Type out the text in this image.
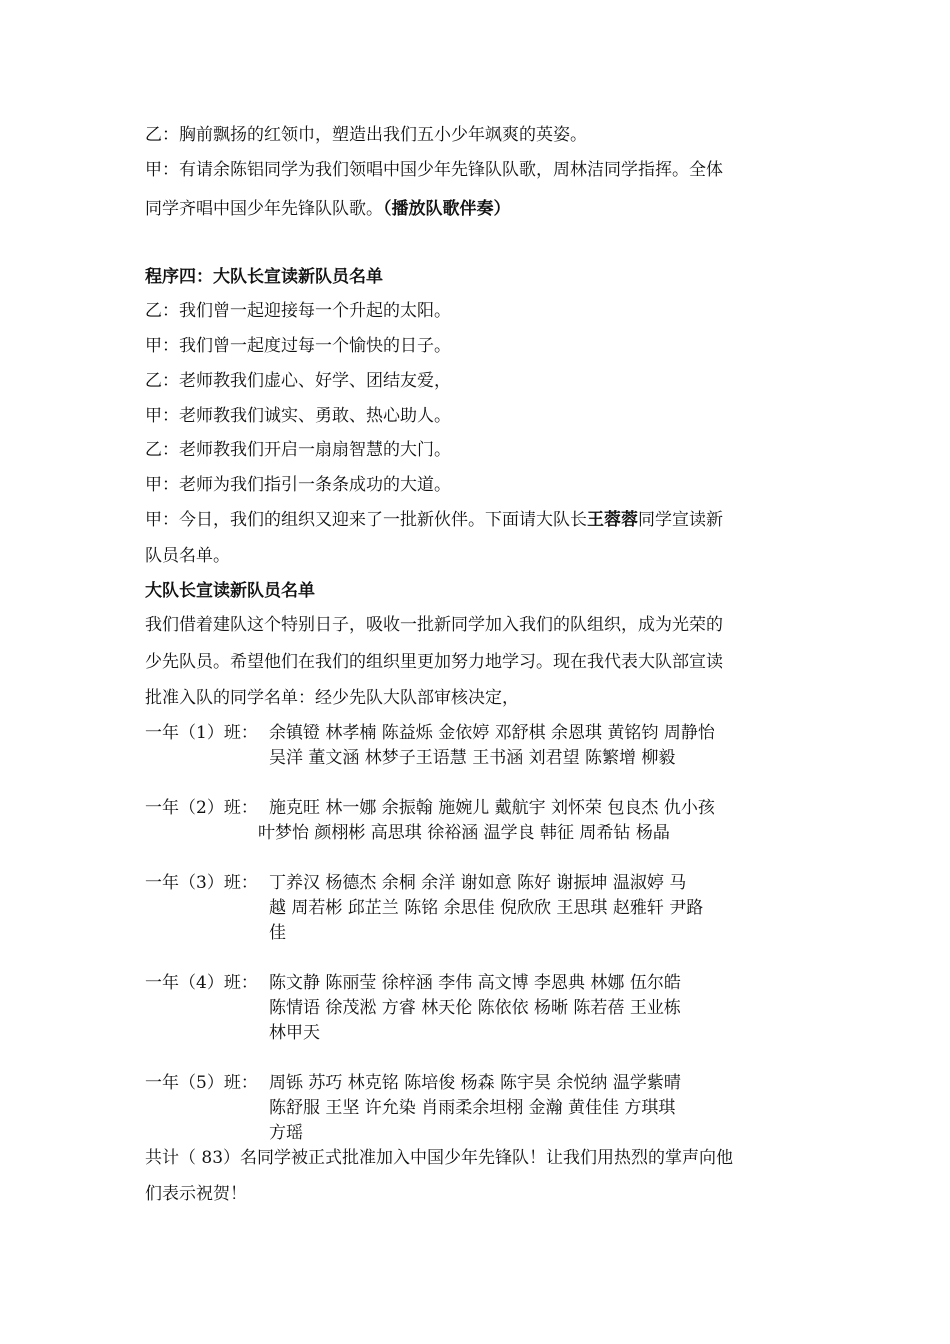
乙：胸前飘扬的红领巾，塑造出我们五小少年飒爽的英姿。
甲：有请余陈铝同学为我们领唱中国少年先锋队队歌，周林洁同学指挥。全体
同学齐唱中国少年先锋队队歌。（播放队歌伴奏）
程序四：大队长宣读新队员名单
乙：我们曾一起迎接每一个升起的太阳。
甲：我们曾一起度过每一个愉快的日子。
乙：老师教我们虚心、好学、团结友爱，
甲：老师教我们诚实、勇敢、热心助人。
乙：老师教我们开启一扇扇智慧的大门。
甲：老师为我们指引一条条成功的大道。
甲：今日，我们的组织又迎来了一批新伙伴。下面请大队长王蓉蓉同学宣读新
队员名单。
大队长宣读新队员名单
我们借着建队这个特别日子，吸收一批新同学加入我们的队组织，成为光荣的
少先队员。希望他们在我们的组织里更加努力地学习。现在我代表大队部宣读
批准入队的同学名单：经少先队大队部审核决定，
一年（1）班： 余镇镫 林孝楠 陈益烁 金依婷 邓舒棋 余恩琪 黄铭钧 周静怡
吴洋 董文涵 林梦子王语慧 王书涵 刘君望 陈繁增 柳毅
一年（2）班： 施克旺 林一娜 余振翰 施婉儿 戴航宇 刘怀荣 包良杰 仇小孩
叶梦怡 颜栩彬 高思琪 徐裕涵 温学良 韩征 周希钻 杨晶
一年（3）班： 丁养汉 杨德杰 余桐 余洋 谢如意 陈好 谢振坤 温淑婷 马
越 周若彬 邱芷兰 陈铭 余思佳 倪欣欣 王思琪 赵雅轩 尹路
佳
一年（4）班： 陈文静 陈丽莹 徐梓涵 李伟 高文博 李恩典 林娜 伍尔皓
陈情语 徐茂淞 方睿 林天伦 陈依依 杨晰 陈若蓓 王业栋
林甲天
一年（5）班： 周铄 苏巧 林克铭 陈培俊 杨森 陈宇昊 余悦纳 温学紫晴
陈舒服 王坚 许允染 肖雨柔余坦栩 金瀚 黄佳佳 方琪琪
方瑶
共计（ 83）名同学被正式批准加入中国少年先锋队！让我们用热烈的掌声向他
们表示祝贺！
